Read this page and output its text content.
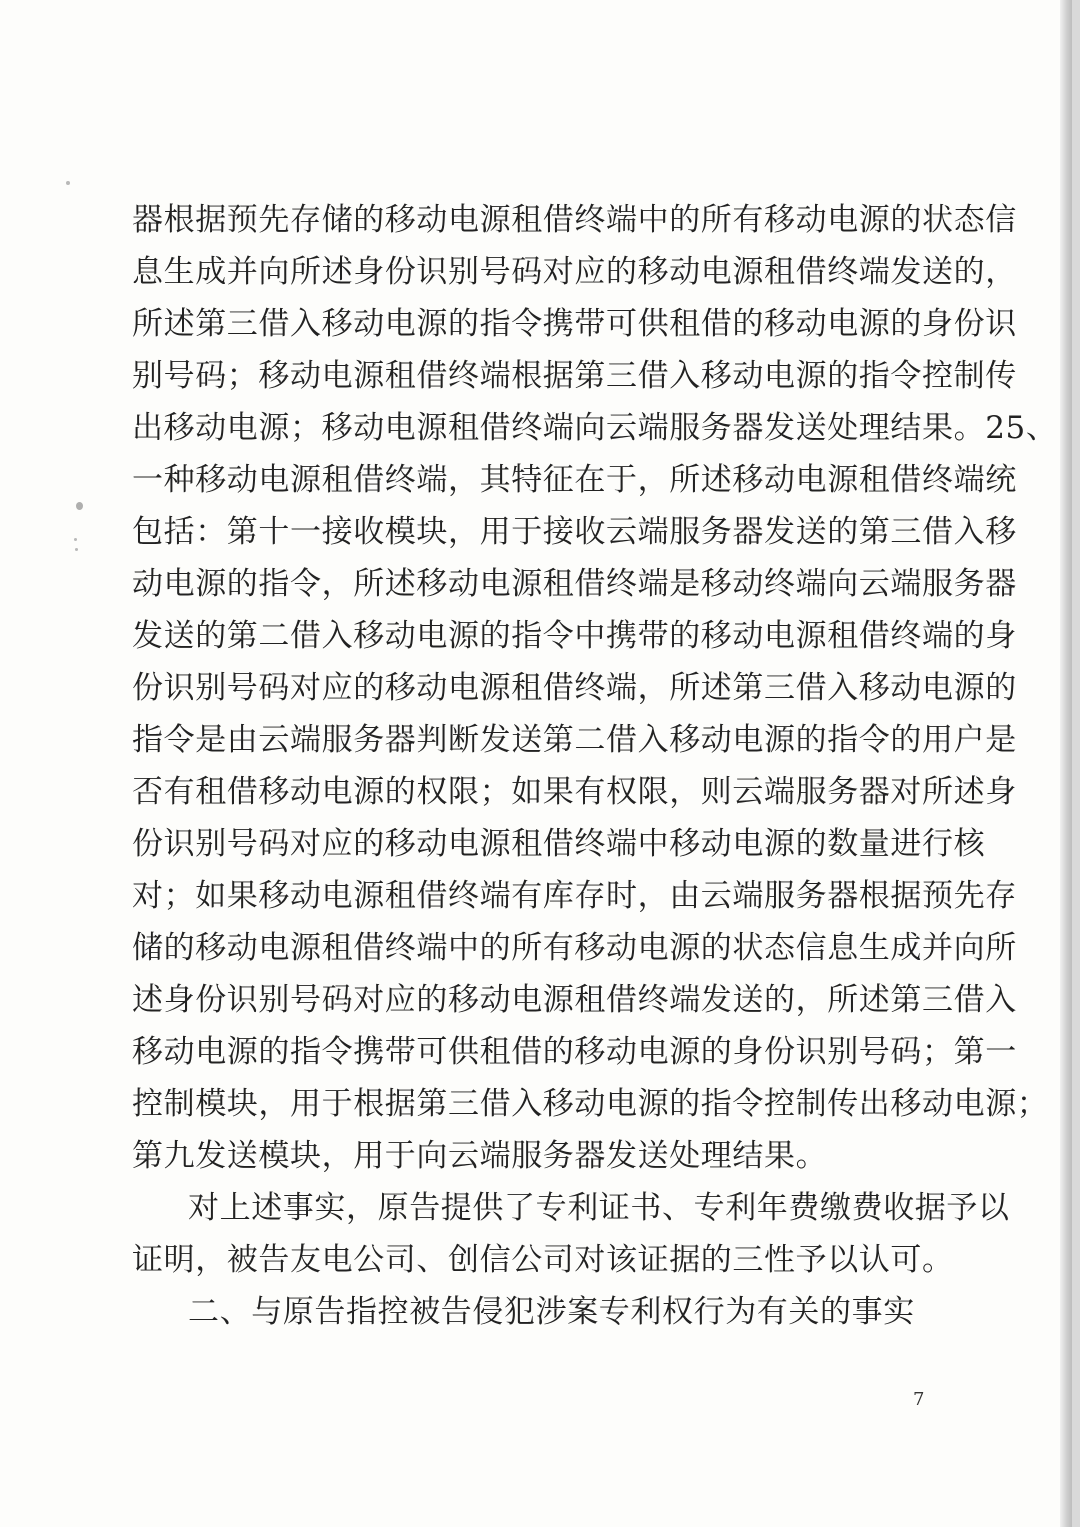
器根据预先存储的移动电源租借终端中的所有移动电源的状态信
息生成并向所述身份识别号码对应的移动电源租借终端发送的，
所述第三借入移动电源的指令携带可供租借的移动电源的身份识
别号码；移动电源租借终端根据第三借入移动电源的指令控制传
出移动电源；移动电源租借终端向云端服务器发送处理结果。25、
一种移动电源租借终端，其特征在于，所述移动电源租借终端统
包括：第十一接收模块，用于接收云端服务器发送的第三借入移
动电源的指令，所述移动电源租借终端是移动终端向云端服务器
发送的第二借入移动电源的指令中携带的移动电源租借终端的身
份识别号码对应的移动电源租借终端，所述第三借入移动电源的
指令是由云端服务器判断发送第二借入移动电源的指令的用户是
否有租借移动电源的权限；如果有权限，则云端服务器对所述身
份识别号码对应的移动电源租借终端中移动电源的数量进行核
对；如果移动电源租借终端有库存时，由云端服务器根据预先存
储的移动电源租借终端中的所有移动电源的状态信息生成并向所
述身份识别号码对应的移动电源租借终端发送的，所述第三借入
移动电源的指令携带可供租借的移动电源的身份识别号码；第一
控制模块，用于根据第三借入移动电源的指令控制传出移动电源；
第九发送模块，用于向云端服务器发送处理结果。
对上述事实，原告提供了专利证书、专利年费缴费收据予以
证明，被告友电公司、创信公司对该证据的三性予以认可。
二、与原告指控被告侵犯涉案专利权行为有关的事实
7
